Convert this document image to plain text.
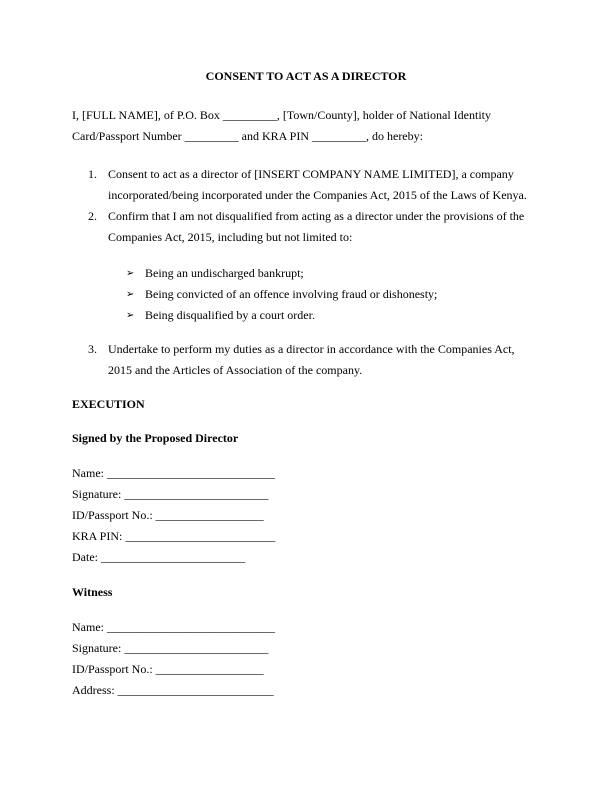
CONSENT TO ACT AS A DIRECTOR
I, [FULL NAME], of P.O. Box _________, [Town/County], holder of National Identity
Card/Passport Number _________ and KRA PIN _________, do hereby:
1. Consent to act as a director of [INSERT COMPANY NAME LIMITED], a company incorporated/being incorporated under the Companies Act, 2015 of the Laws of Kenya.
2. Confirm that I am not disqualified from acting as a director under the provisions of the Companies Act, 2015, including but not limited to:
➢ Being an undischarged bankrupt;
➢ Being convicted of an offence involving fraud or dishonesty;
➢ Being disqualified by a court order.
3. Undertake to perform my duties as a director in accordance with the Companies Act, 2015 and the Articles of Association of the company.
EXECUTION
Signed by the Proposed Director
Name: ____________________________
Signature: ________________________
ID/Passport No.: __________________
KRA PIN: _________________________
Date: ________________________
Witness
Name: ____________________________
Signature: ________________________
ID/Passport No.: __________________
Address: __________________________
